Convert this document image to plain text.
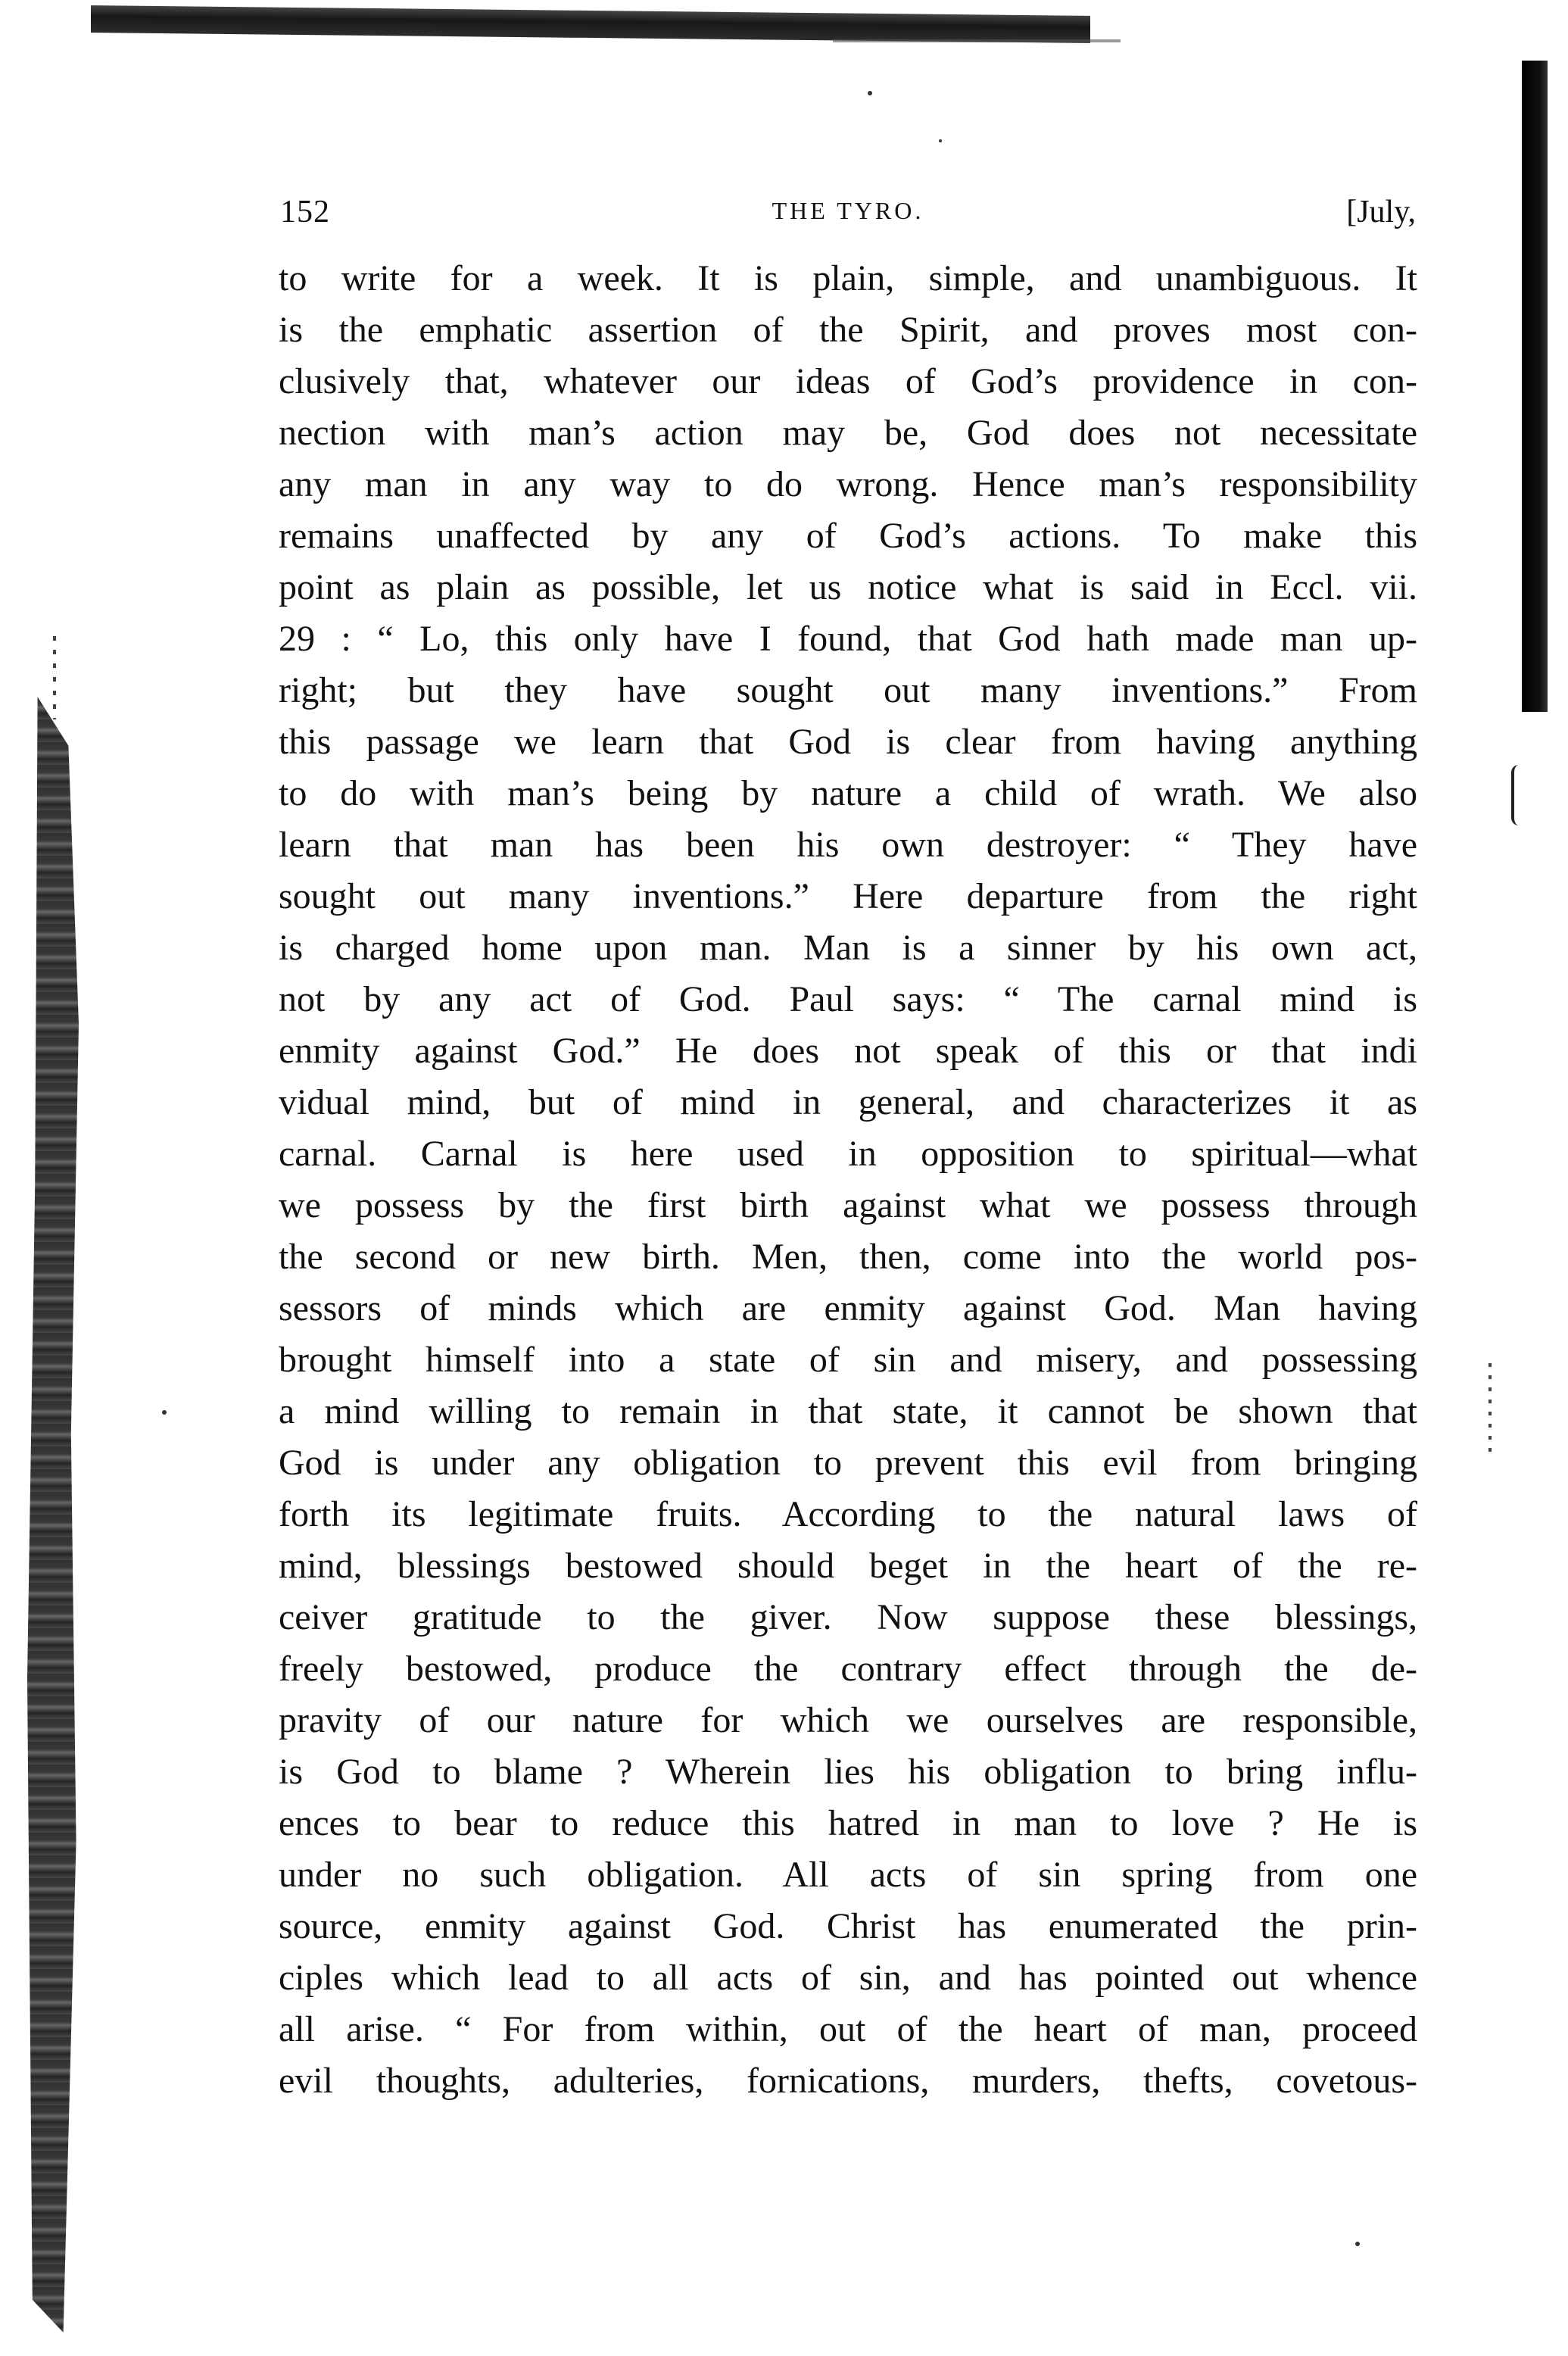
152	THE TYRO.	[July,
to write for a week. It is plain, simple, and unambiguous. It
is the emphatic assertion of the Spirit, and proves most con-
clusively that, whatever our ideas of God’s providence in con-
nection with man’s action may be, God does not necessitate
any man in any way to do wrong. Hence man’s responsibility
remains unaffected by any of God’s actions. To make this
point as plain as possible, let us notice what is said in Eccl. vii.
29 : “ Lo, this only have I found, that God hath made man up-
right; but they have sought out many inventions.” From
this passage we learn that God is clear from having anything
to do with man’s being by nature a child of wrath. We also
learn that man has been his own destroyer: “ They have
sought out many inventions.” Here departure from the right
is charged home upon man. Man is a sinner by his own act,
not by any act of God. Paul says: “ The carnal mind is
enmity against God.” He does not speak of this or that indi
vidual mind, but of mind in general, and characterizes it as
carnal. Carnal is here used in opposition to spiritual—what
we possess by the first birth against what we possess through
the second or new birth. Men, then, come into the world pos-
sessors of minds which are enmity against God. Man having
brought himself into a state of sin and misery, and possessing
a mind willing to remain in that state, it cannot be shown that
God is under any obligation to prevent this evil from bringing
forth its legitimate fruits. According to the natural laws of
mind, blessings bestowed should beget in the heart of the re-
ceiver gratitude to the giver. Now suppose these blessings,
freely bestowed, produce the contrary effect through the de-
pravity of our nature for which we ourselves are responsible,
is God to blame ? Wherein lies his obligation to bring influ-
ences to bear to reduce this hatred in man to love ? He is
under no such obligation. All acts of sin spring from one
source, enmity against God. Christ has enumerated the prin-
ciples which lead to all acts of sin, and has pointed out whence
all arise. “ For from within, out of the heart of man, proceed
evil thoughts, adulteries, fornications, murders, thefts, covetous-
